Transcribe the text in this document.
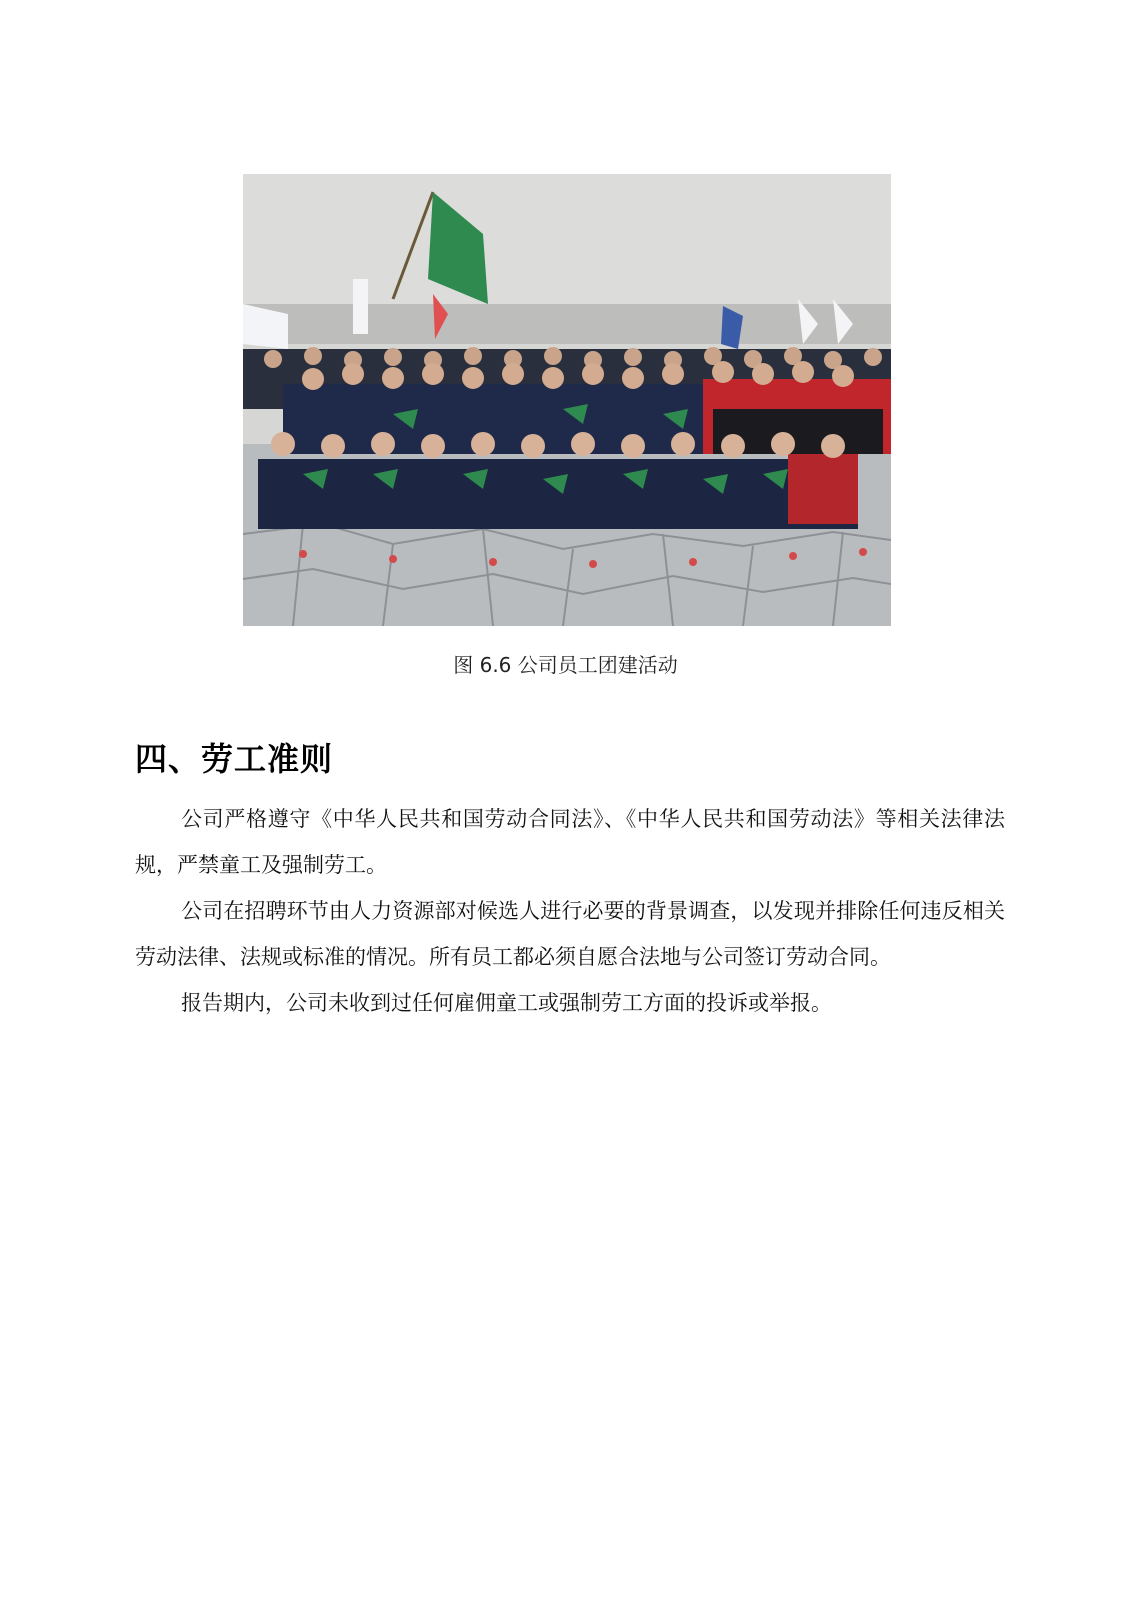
图 6.6 公司员工团建活动
四、劳工准则

公司严格遵守《中华人民共和国劳动合同法》、《中华人民共和国劳动法》等相关法律法规，严禁童工及强制劳工。

公司在招聘环节由人力资源部对候选人进行必要的背景调查，以发现并排除任何违反相关劳动法律、法规或标准的情况。所有员工都必须自愿合法地与公司签订劳动合同。

报告期内，公司未收到过任何雇佣童工或强制劳工方面的投诉或举报。
